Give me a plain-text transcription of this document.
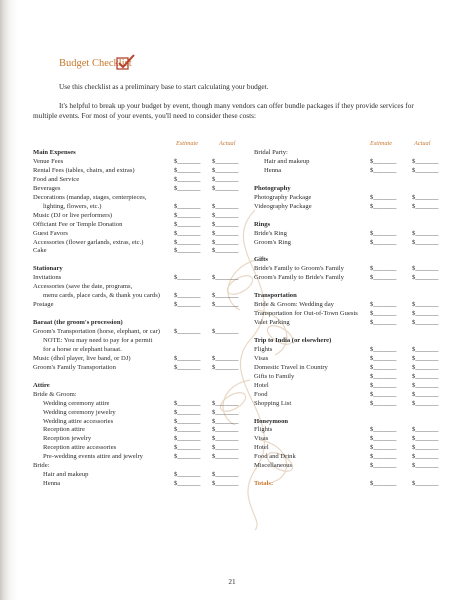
Budget Checklist
Use this checklist as a preliminary base to start calculating your budget.
It's helpful to break up your budget by event, though many vendors can offer bundle packages if they provide services for multiple events. For most of your events, you'll need to consider these costs:
Estimate	Actual	Estimate	Actual
Main Expenses
Venue Fees	$_______ $_______
Rental Fees (tables, chairs, and extras)	$_______ $_______
Food and Service	$_______ $_______
Beverages	$_______ $_______
Decorations (mandap, stages, centerpieces,
lighting, flowers, etc.)	$_______ $_______
Music (DJ or live performers)	$_______ $_______
Officiant Fee or Temple Donation	$_______ $_______
Guest Favors	$_______ $_______
Accessories (flower garlands, extras, etc.)	$_______ $_______
Cake	$_______ $_______
Stationary
Invitations	$_______ $_______
Accessories (save the date, programs,
menu cards, place cards, & thank you cards) $_______ $_______
Postage	$_______ $_______
Baraat (the groom's procession)
Groom's Transportation (horse, elephant, or car) $_______ $_______
NOTE: You may need to pay for a permit
for a horse or elephant baraat.
Music (dhol player, live band, or DJ)	$_______ $_______
Groom's Family Transportation	$_______ $_______
Attire
Bride & Groom:
Wedding ceremony attire	$_______ $_______
Wedding ceremony jewelry	$_______ $_______
Wedding attire accessories	$_______ $_______
Reception attire	$_______ $_______
Reception jewelry	$_______ $_______
Reception attire accessories	$_______ $_______
Pre-wedding events attire and jewelry	$_______ $_______
Bride:
Hair and makeup	$_______ $_______
Henna	$_______ $_______
Bridal Party:
Hair and makeup	$_______ $_______
Henna	$_______ $_______
Photography
Photography Package	$_______ $_______
Videography Package	$_______ $_______
Rings
Bride's Ring	$_______ $_______
Groom's Ring	$_______ $_______
Gifts
Bride's Family to Groom's Family	$_______ $_______
Groom's Family to Bride's Family	$_______ $_______
Transportation
Bride & Groom: Wedding day	$_______ $_______
Transportation for Out-of-Town Guests $_______ $_______
Valet Parking	$_______ $_______
Trip to India (or elsewhere)
Flights	$_______ $_______
Visas	$_______ $_______
Domestic Travel in Country	$_______ $_______
Gifts to Family	$_______ $_______
Hotel	$_______ $_______
Food	$_______ $_______
Shopping List	$_______ $_______
Honeymoon
Flights	$_______ $_______
Visas	$_______ $_______
Hotel	$_______ $_______
Food and Drink	$_______ $_______
Miscellaneous	$_______ $_______
Totals:	$_______ $_______
21
